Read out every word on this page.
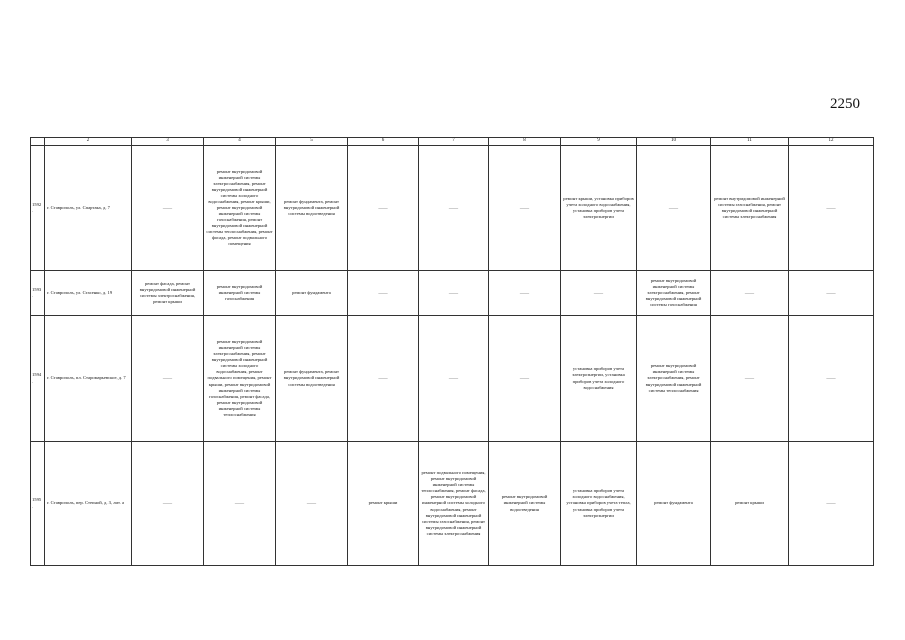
2250
	2	3	4	5	6	7	8	9	10	11	12
1592.	г. Ставрополь, ул. Спартака, д. 7	——	ремонт внутридомовой инженерной системы электроснабжения, ремонт внутридомовой инженерной системы холодного водоснабжения, ремонт крыши, ремонт внутридомовой инженерной системы газоснабжения, ремонт внутридомовой инженерной системы теплоснабжения, ремонт фасада, ремонт подвального помещения	ремонт фундамента, ремонт внутридомовой инженерной системы водоотведения	——	——	——	ремонт крыши, установка приборов учета холодного водоснабжения, установка приборов учета электроэнергии	——	ремонт внутридомовой инженерной системы газоснабжения, ремонт внутридомовой инженерной системы электроснабжения	——
1593.	г. Ставрополь, ул. Стасенко, д. 19	ремонт фасада, ремонт внутридомовой инженерной системы электроснабжения, ремонт крыши	ремонт внутридомовой инженерной системы газоснабжения	ремонт фундамента	——	——	——	——	ремонт внутридомовой инженерной системы электроснабжения, ремонт внутридомовой инженерной системы газоснабжения	——	——
1594.	г. Ставрополь, пл. Старомарьевское, д. 7	——	ремонт внутридомовой инженерной системы электроснабжения, ремонт внутридомовой инженерной системы холодного водоснабжения, ремонт подвального помещения, ремонт крыши, ремонт внутридомовой инженерной системы газоснабжения, ремонт фасада, ремонт внутридомовой инженерной системы теплоснабжения	ремонт фундамента, ремонт внутридомовой инженерной системы водоотведения	——	——	——	установка приборов учета электроэнергии, установка приборов учета холодного водоснабжения	ремонт внутридомовой инженерной системы электроснабжения, ремонт внутридомовой инженерной системы теплоснабжения	——	——
1595.	г. Ставрополь, пер. Степной, д. 3, лит. а	——	——	——	ремонт крыши	ремонт подвального помещения, ремонт внутридомовой инженерной системы теплоснабжения, ремонт фасада, ремонт внутридомовой инженерной системы холодного водоснабжения, ремонт внутридомовой инженерной системы газоснабжения, ремонт внутридомовой инженерной системы электроснабжения	ремонт внутридомовой инженерной системы водоотведения	установка приборов учета холодного водоснабжения, установка приборов учета тепла, установка приборов учета электроэнергии	ремонт фундамента	ремонт крыши	——
